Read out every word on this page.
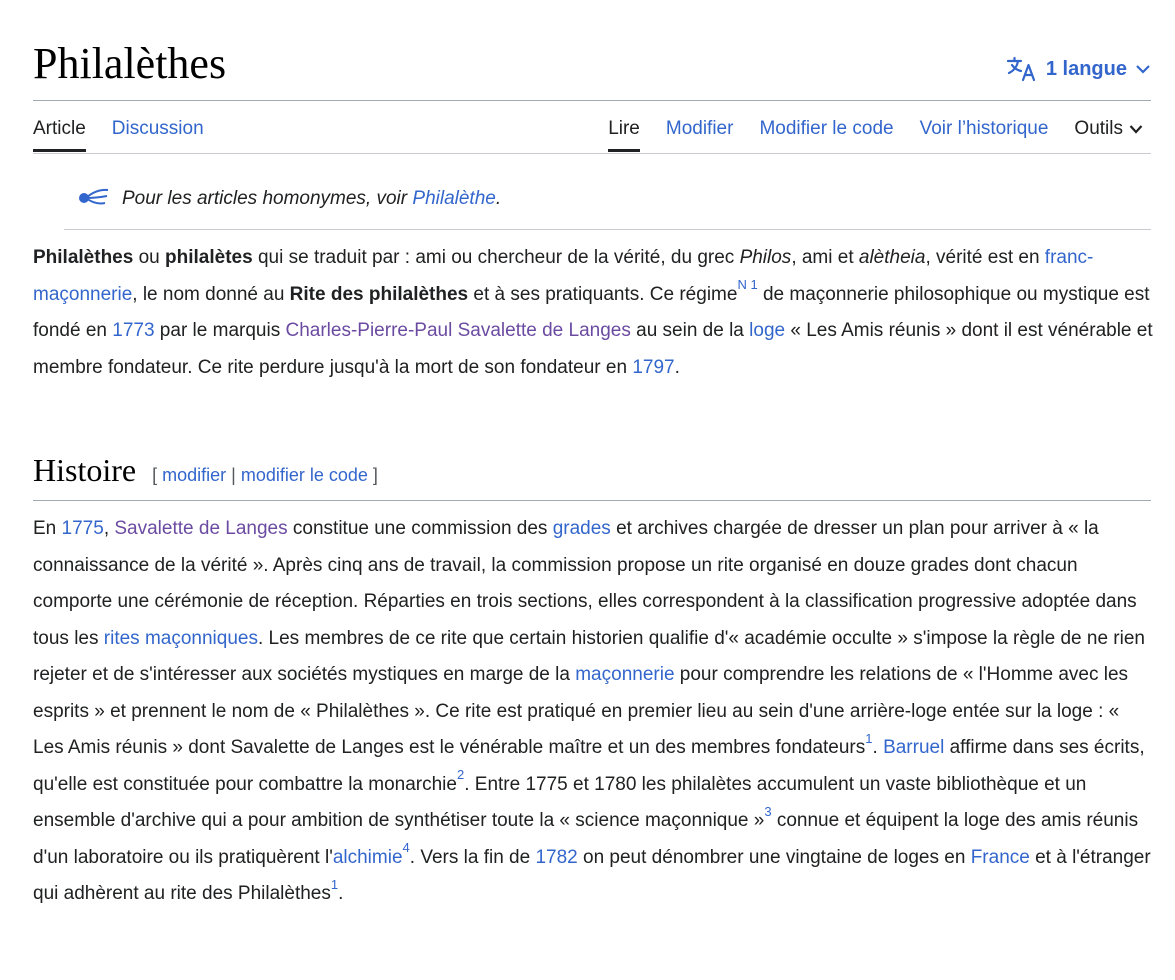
Philalèthes	1 langue
Article Discussion	Lire Modifier Modifier le code Voir l’historique Outils
Pour les articles homonymes, voir Philalèthe.
Philalèthes ou philalètes qui se traduit par : ami ou chercheur de la vérité, du grec Philos, ami et alètheia, vérité est en franc-maçonnerie, le nom donné au Rite des philalèthes et à ses pratiquants. Ce régime$^{N 1}$ de maçonnerie philosophique ou mystique est fondé en 1773 par le marquis Charles-Pierre-Paul Savalette de Langes au sein de la loge « Les Amis réunis » dont il est vénérable et membre fondateur. Ce rite perdure jusqu'à la mort de son fondateur en 1797.
Histoire [ modifier | modifier le code ]
En 1775, Savalette de Langes constitue une commission des grades et archives chargée de dresser un plan pour arriver à « la connaissance de la vérité ». Après cinq ans de travail, la commission propose un rite organisé en douze grades dont chacun comporte une cérémonie de réception. Réparties en trois sections, elles correspondent à la classification progressive adoptée dans tous les rites maçonniques. Les membres de ce rite que certain historien qualifie d'« académie occulte » s'impose la règle de ne rien rejeter et de s'intéresser aux sociétés mystiques en marge de la maçonnerie pour comprendre les relations de « l'Homme avec les esprits » et prennent le nom de « Philalèthes ». Ce rite est pratiqué en premier lieu au sein d'une arrière-loge entée sur la loge : « Les Amis réunis » dont Savalette de Langes est le vénérable maître et un des membres fondateurs$^1$. Barruel affirme dans ses écrits, qu'elle est constituée pour combattre la monarchie$^2$. Entre 1775 et 1780 les philalètes accumulent un vaste bibliothèque et un ensemble d'archive qui a pour ambition de synthétiser toute la « science maçonnique »$^3$ connue et équipent la loge des amis réunis d'un laboratoire ou ils pratiquèrent l'alchimie$^4$. Vers la fin de 1782 on peut dénombrer une vingtaine de loges en France et à l'étranger qui adhèrent au rite des Philalèthes$^1$.
